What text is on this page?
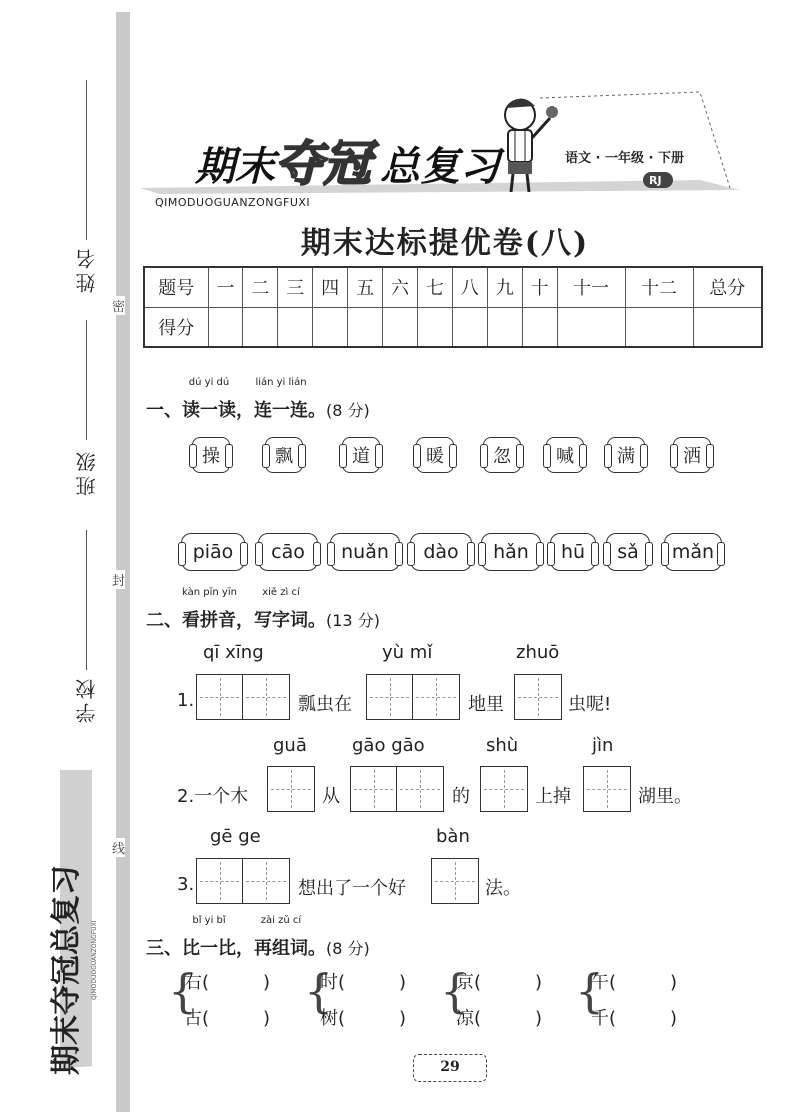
姓名
班级
学校
密
封
线
期末夺冠总复习 QIMODUOGUANZONGFUXI
期末 夺冠 总复习	语文 · 一年级 · 下册
RJ
QIMODUOGUANZONGFUXI
期末达标提优卷(八)
题号	一	二	三	四	五	六	七	八	九	十	十一	十二	总分
得分													
一、
dú yi dú
读一读，
lián yi lián
连一连。(8 分)
操	飘	道	暖	忽	喊	满	洒
piāo	cāo	nuǎn	dào	hǎn	hū	sǎ	mǎn
二、
kàn pīn yīn
看拼音，
xiě zì cí
写字词。(13 分)
qī xīng	yù mǐ	zhuō
1.	瓢虫在	地里	虫呢!
guā	gāo gāo	shù	jìn
2.一个木	从	的	上掉	湖里。
gē ge	bàn
3.	想出了一个好	法。
三、
bǐ yi bǐ
比一比，
zài zǔ cí
再组词。(8 分)
{
右(　　　)
古(　　　)
{
时(　　　)
树(　　　)
{
京(　　　)
凉(　　　)
{
午(　　　)
千(　　　)
29
